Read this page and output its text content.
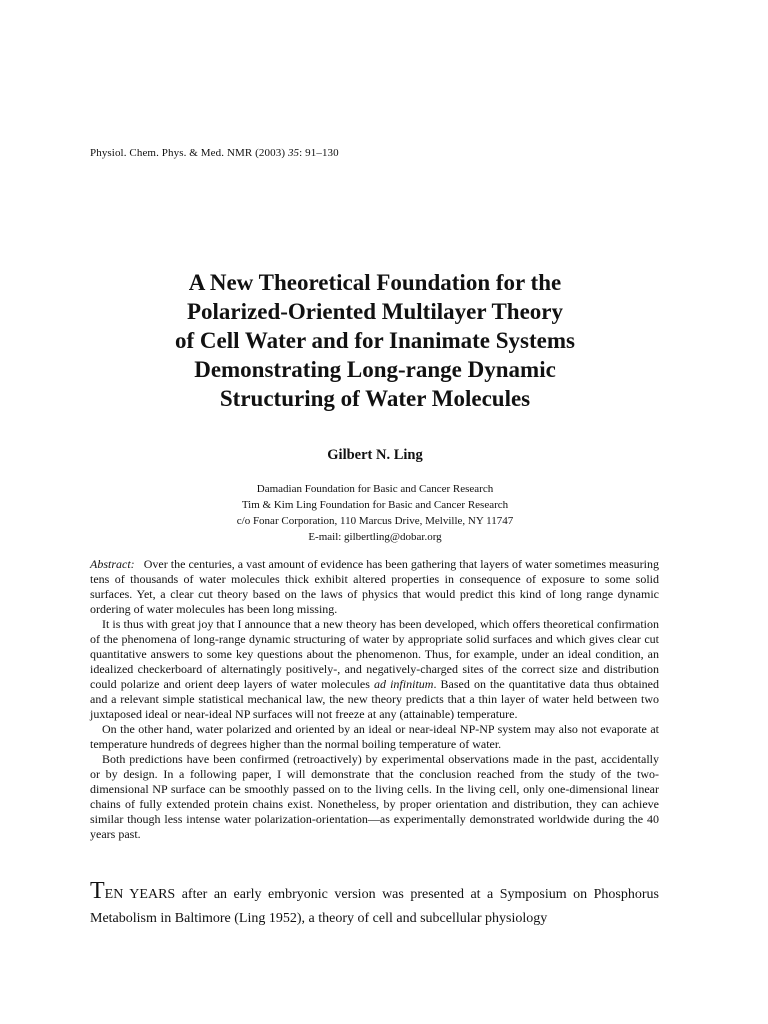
Physiol. Chem. Phys. & Med. NMR (2003) 35: 91–130
A New Theoretical Foundation for the
Polarized-Oriented Multilayer Theory
of Cell Water and for Inanimate Systems
Demonstrating Long-range Dynamic
Structuring of Water Molecules
Gilbert N. Ling
Damadian Foundation for Basic and Cancer Research
Tim & Kim Ling Foundation for Basic and Cancer Research
c/o Fonar Corporation, 110 Marcus Drive, Melville, NY 11747
E-mail: gilbertling@dobar.org

Abstract: Over the centuries, a vast amount of evidence has been gathering that layers of water sometimes measuring tens of thousands of water molecules thick exhibit altered properties in consequence of exposure to some solid surfaces. Yet, a clear cut theory based on the laws of physics that would predict this kind of long range dynamic ordering of water molecules has been long missing.

It is thus with great joy that I announce that a new theory has been developed, which offers theoretical confirmation of the phenomena of long-range dynamic structuring of water by appropriate solid surfaces and which gives clear cut quantitative answers to some key questions about the phenomenon. Thus, for example, under an ideal condition, an idealized checkerboard of alternatingly positively-, and negatively-charged sites of the correct size and distribution could polarize and orient deep layers of water molecules ad infinitum. Based on the quantitative data thus obtained and a relevant simple statistical mechanical law, the new theory predicts that a thin layer of water held between two juxtaposed ideal or near-ideal NP surfaces will not freeze at any (attainable) temperature.

On the other hand, water polarized and oriented by an ideal or near-ideal NP-NP system may also not evaporate at temperature hundreds of degrees higher than the normal boiling temperature of water.

Both predictions have been confirmed (retroactively) by experimental observations made in the past, accidentally or by design. In a following paper, I will demonstrate that the conclusion reached from the study of the two-dimensional NP surface can be smoothly passed on to the living cells. In the living cell, only one-dimensional linear chains of fully extended protein chains exist. Nonetheless, by proper orientation and distribution, they can achieve similar though less intense water polarization-orientation—as experimentally demonstrated worldwide during the 40 years past.

TEN YEARS after an early embryonic version was presented at a Symposium on Phosphorus Metabolism in Baltimore (Ling 1952), a theory of cell and subcellular physiology
